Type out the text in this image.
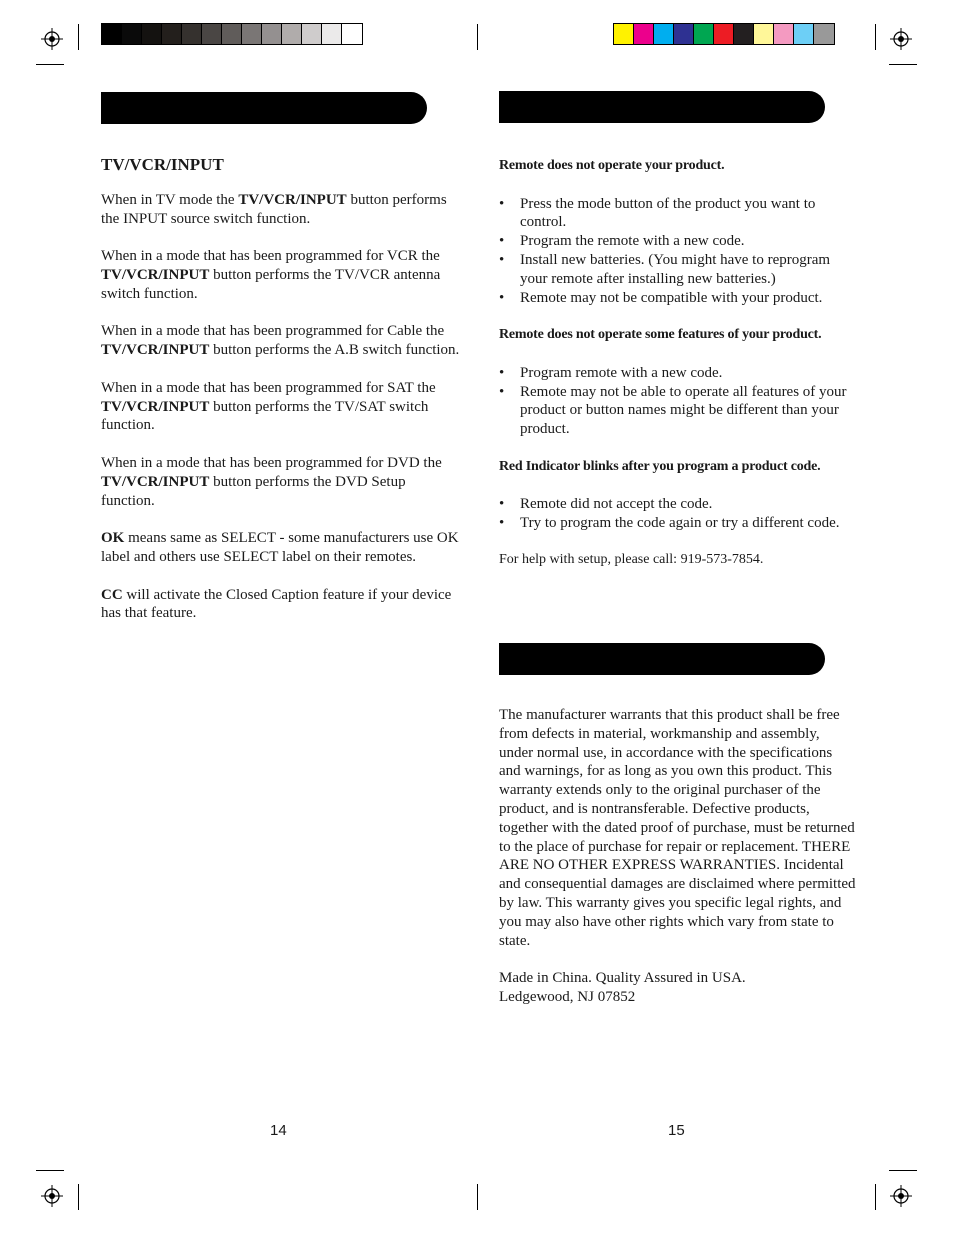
TV/VCR/INPUT

When in TV mode the TV/VCR/INPUT button performs the INPUT source switch function.

When in a mode that has been programmed for VCR the TV/VCR/INPUT button performs the TV/VCR antenna switch function.

When in a mode that has been programmed for Cable the TV/VCR/INPUT button performs the A.B switch function.

When in a mode that has been programmed for SAT the TV/VCR/INPUT button performs the TV/SAT switch function.

When in a mode that has been programmed for DVD the TV/VCR/INPUT button performs the DVD Setup function.

OK means same as SELECT - some manufacturers use OK label and others use SELECT label on their remotes.

CC will activate the Closed Caption feature if your device has that feature.

14

Remote does not operate your product.

• Press the mode button of the product you want to control.
• Program the remote with a new code.
• Install new batteries. (You might have to reprogram your remote after installing new batteries.)
• Remote may not be compatible with your product.

Remote does not operate some features of your product.

• Program remote with a new code.
• Remote may not be able to operate all features of your product or button names might be different than your product.

Red Indicator blinks after you program a product code.

• Remote did not accept the code.
• Try to program the code again or try a different code.

For help with setup, please call: 919-573-7854.

The manufacturer warrants that this product shall be free from defects in material, workmanship and assembly, under normal use, in accordance with the specifications and warnings, for as long as you own this product. This warranty extends only to the original purchaser of the product, and is nontransferable. Defective products, together with the dated proof of purchase, must be returned to the place of purchase for repair or replacement. THERE ARE NO OTHER EXPRESS WARRANTIES. Incidental and consequential damages are disclaimed where permitted by law. This warranty gives you specific legal rights, and you may also have other rights which vary from state to state.

Made in China. Quality Assured in USA.

Ledgewood, NJ 07852

15
